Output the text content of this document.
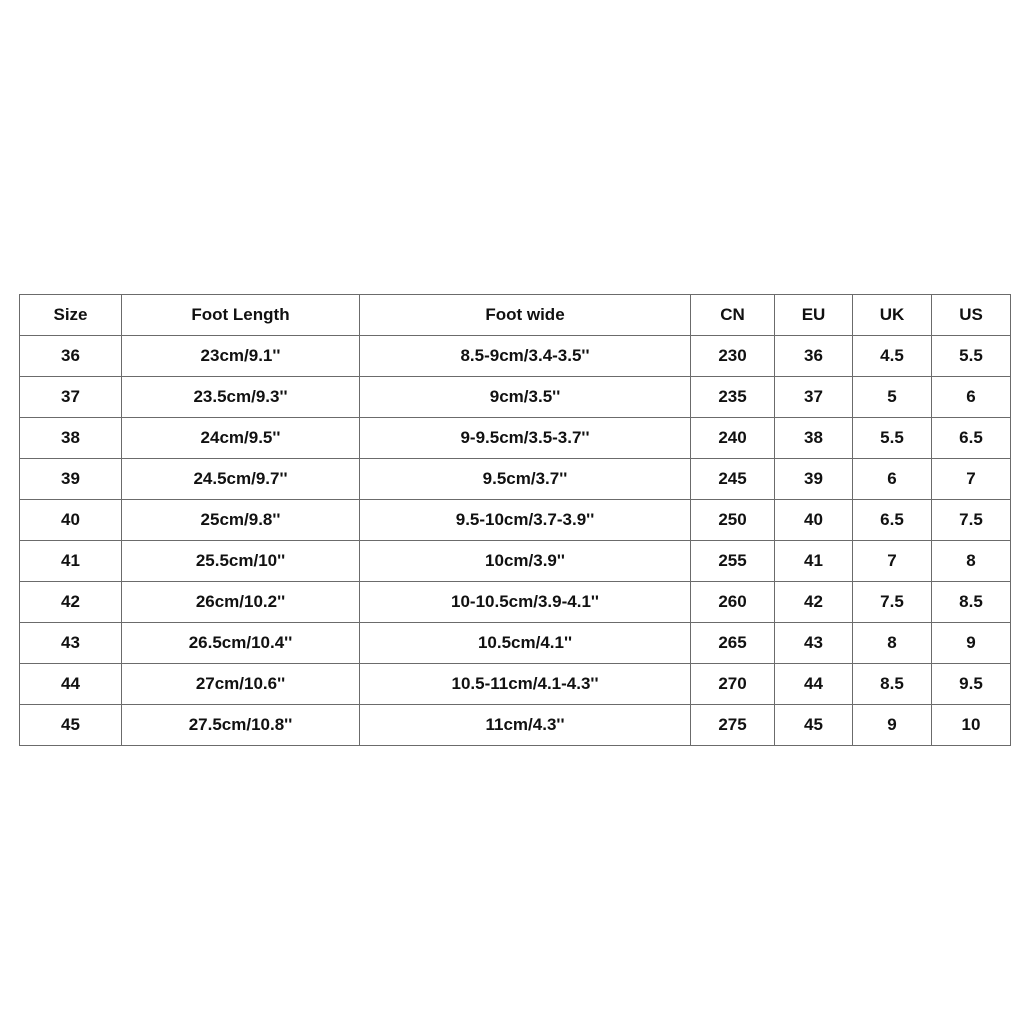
Size	Foot Length	Foot wide	CN	EU	UK	US
36	23cm/9.1''	8.5-9cm/3.4-3.5''	230	36	4.5	5.5
37	23.5cm/9.3''	9cm/3.5''	235	37	5	6
38	24cm/9.5''	9-9.5cm/3.5-3.7''	240	38	5.5	6.5
39	24.5cm/9.7''	9.5cm/3.7''	245	39	6	7
40	25cm/9.8''	9.5-10cm/3.7-3.9''	250	40	6.5	7.5
41	25.5cm/10''	10cm/3.9''	255	41	7	8
42	26cm/10.2''	10-10.5cm/3.9-4.1''	260	42	7.5	8.5
43	26.5cm/10.4''	10.5cm/4.1''	265	43	8	9
44	27cm/10.6''	10.5-11cm/4.1-4.3''	270	44	8.5	9.5
45	27.5cm/10.8''	11cm/4.3''	275	45	9	10
